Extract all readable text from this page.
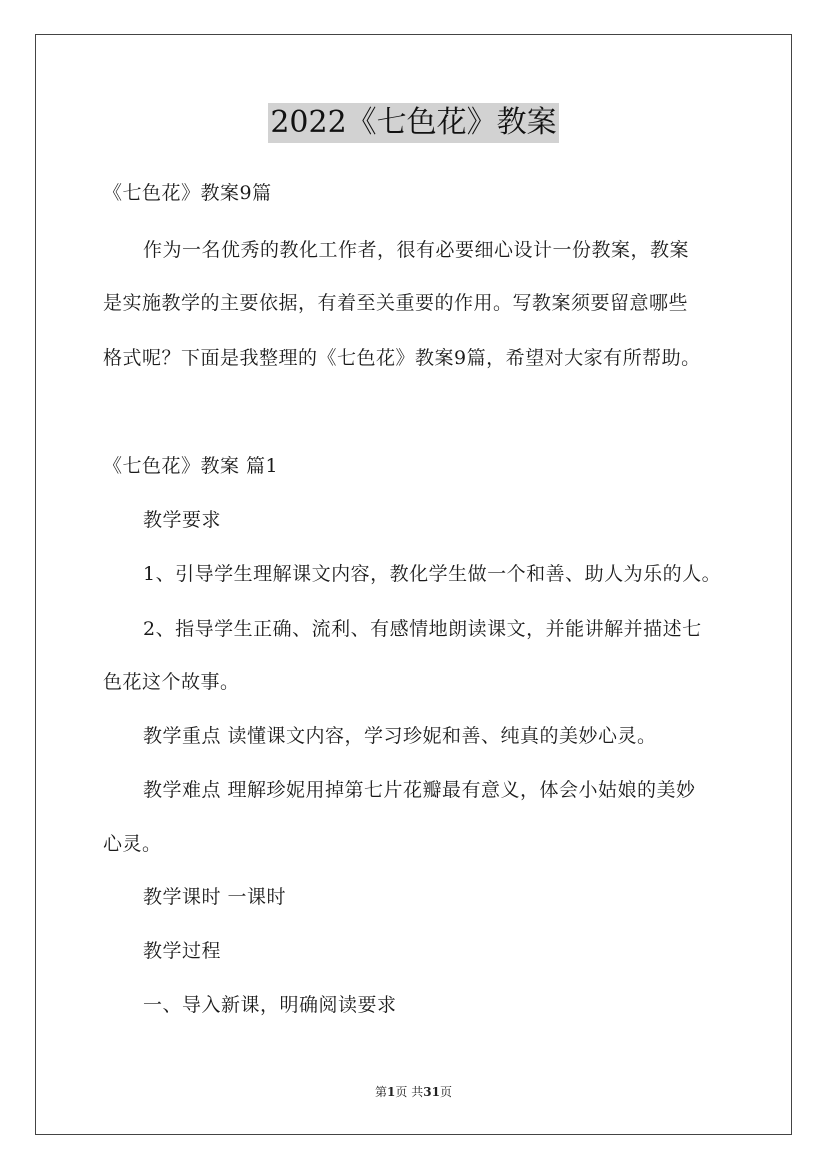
2022《七色花》教案
《七色花》教案9篇
作为一名优秀的教化工作者，很有必要细心设计一份教案，教案
是实施教学的主要依据，有着至关重要的作用。写教案须要留意哪些
格式呢？下面是我整理的《七色花》教案9篇，希望对大家有所帮助。
《七色花》教案 篇1
教学要求
1、引导学生理解课文内容，教化学生做一个和善、助人为乐的人。
2、指导学生正确、流利、有感情地朗读课文，并能讲解并描述七
色花这个故事。
教学重点 读懂课文内容，学习珍妮和善、纯真的美妙心灵。
教学难点 理解珍妮用掉第七片花瓣最有意义，体会小姑娘的美妙
心灵。
教学课时 一课时
教学过程
一、导入新课，明确阅读要求
第1页 共31页
